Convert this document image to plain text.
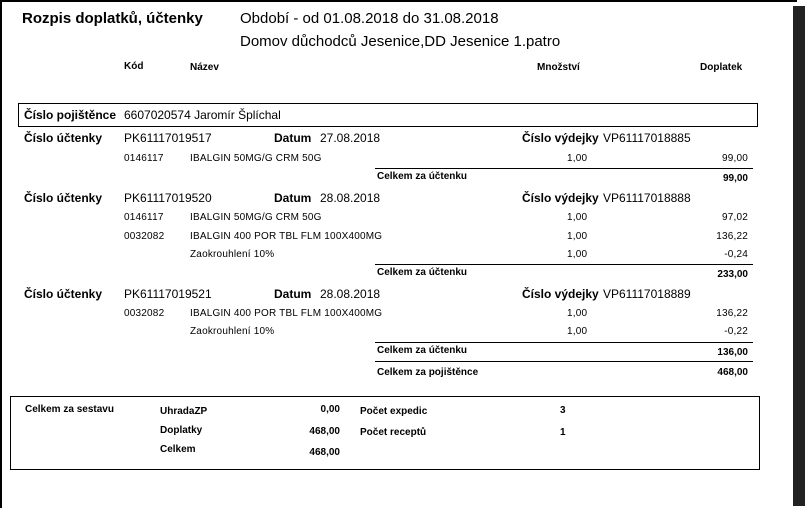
Rozpis doplatků, účtenky Období - od 01.08.2018 do 31.08.2018
Domov důchodců Jesenice,DD Jesenice 1.patro
Kód	Název	Množství	Doplatek
Číslo pojištěnce 6607020574 Jaromír Šplíchal
Číslo účtenky PK61117019517	Datum 27.08.2018	Číslo výdejky VP61117018885
0146117	IBALGIN 50MG/G CRM 50G	1,00	99,00
Celkem za účtenku	99,00
Číslo účtenky PK61117019520	Datum 28.08.2018	Číslo výdejky VP61117018888
0146117	IBALGIN 50MG/G CRM 50G	1,00	97,02
0032082	IBALGIN 400 POR TBL FLM 100X400MG	1,00	136,22
Zaokrouhlení 10%	1,00	-0,24
Celkem za účtenku	233,00
Číslo účtenky PK61117019521	Datum 28.08.2018	Číslo výdejky VP61117018889
0032082	IBALGIN 400 POR TBL FLM 100X400MG	1,00	136,22
Zaokrouhlení 10%	1,00	-0,22
Celkem za účtenku	136,00
Celkem za pojištěnce	468,00
Celkem za sestavu	UhradaZP	0,00
Doplatky	468,00
Celkem	468,00
Počet expedic	3
Počet receptů	1
